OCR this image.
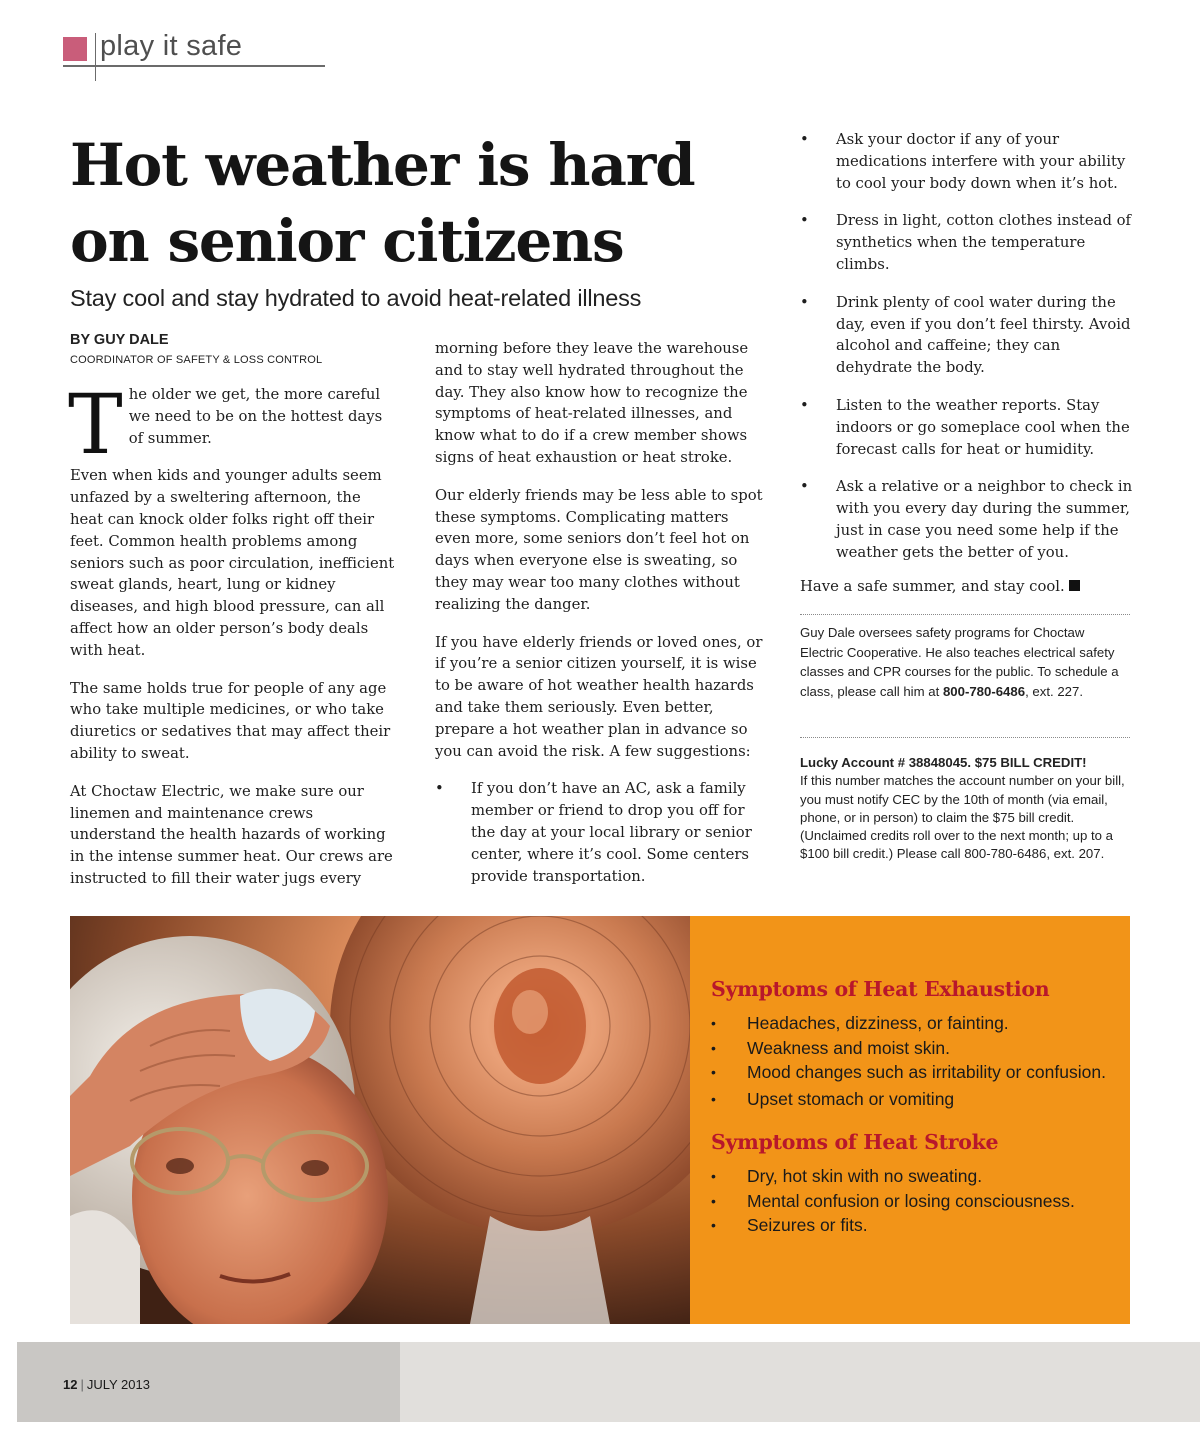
play it safe
Hot weather is hard on senior citizens
Stay cool and stay hydrated to avoid heat-related illness
BY GUY DALE
COORDINATOR OF SAFETY & LOSS CONTROL

The older we get, the more careful we need to be on the hottest days of summer.

Even when kids and younger adults seem unfazed by a sweltering afternoon, the heat can knock older folks right off their feet. Common health problems among seniors such as poor circulation, inefficient sweat glands, heart, lung or kidney diseases, and high blood pressure, can all affect how an older person’s body deals with heat.

The same holds true for people of any age who take multiple medicines, or who take diuretics or sedatives that may affect their ability to sweat.

At Choctaw Electric, we make sure our linemen and maintenance crews understand the health hazards of working in the intense summer heat. Our crews are instructed to fill their water jugs every

morning before they leave the warehouse and to stay well hydrated throughout the day. They also know how to recognize the symptoms of heat-related illnesses, and know what to do if a crew member shows signs of heat exhaustion or heat stroke.

Our elderly friends may be less able to spot these symptoms. Complicating matters even more, some seniors don’t feel hot on days when everyone else is sweating, so they may wear too many clothes without realizing the danger.

If you have elderly friends or loved ones, or if you’re a senior citizen yourself, it is wise to be aware of hot weather health hazards and take them seriously. Even better, prepare a hot weather plan in advance so you can avoid the risk. A few suggestions:

• If you don’t have an AC, ask a family member or friend to drop you off for the day at your local library or senior center, where it’s cool. Some centers provide transportation.
• Ask your doctor if any of your medications interfere with your ability to cool your body down when it’s hot.
• Dress in light, cotton clothes instead of synthetics when the temperature climbs.
• Drink plenty of cool water during the day, even if you don’t feel thirsty. Avoid alcohol and caffeine; they can dehydrate the body.
• Listen to the weather reports. Stay indoors or go someplace cool when the forecast calls for heat or humidity.
• Ask a relative or a neighbor to check in with you every day during the summer, just in case you need some help if the weather gets the better of you.

Have a safe summer, and stay cool.

Guy Dale oversees safety programs for Choctaw Electric Cooperative. He also teaches electrical safety classes and CPR courses for the public. To schedule a class, please call him at 800-780-6486, ext. 227.
Lucky Account # 38848045. $75 BILL CREDIT!
If this number matches the account number on your bill, you must notify CEC by the 10th of month (via email, phone, or in person) to claim the $75 bill credit. (Unclaimed credits roll over to the next month; up to a $100 bill credit.) Please call 800-780-6486, ext. 207.
Symptoms of Heat Exhaustion
• Headaches, dizziness, or fainting.
• Weakness and moist skin.
• Mood changes such as irritability or confusion.
• Upset stomach or vomiting
Symptoms of Heat Stroke
• Dry, hot skin with no sweating.
• Mental confusion or losing consciousness.
• Seizures or fits.
12 | JULY 2013
